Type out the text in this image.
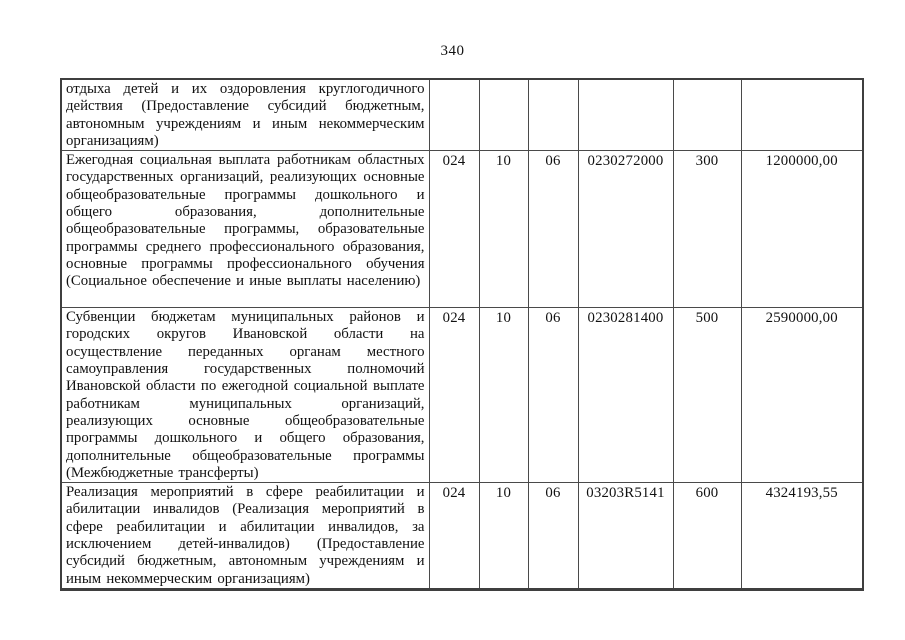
340
отдыха детей и их оздоровления круглогодичного действия (Предоставление субсидий бюджетным, автономным учреждениям и иным некоммерческим организациям)						
Ежегодная социальная выплата работникам областных государственных организаций, реализующих основные общеобразовательные программы дошкольного и общего образования, дополнительные общеобразовательные программы, образовательные программы среднего профессионального образования, основные программы профессионального обучения (Социальное обеспечение и иные выплаты населению)	024	10	06	0230272000	300	1200000,00
Субвенции бюджетам муниципальных районов и городских округов Ивановской области на осуществление переданных органам местного самоуправления государственных полномочий Ивановской области по ежегодной социальной выплате работникам муниципальных организаций, реализующих основные общеобразовательные программы дошкольного и общего образования, дополнительные общеобразовательные программы (Межбюджетные трансферты)	024	10	06	0230281400	500	2590000,00
Реализация мероприятий в сфере реабилитации и абилитации инвалидов (Реализация мероприятий в сфере реабилитации и абилитации инвалидов, за исключением детей-инвалидов) (Предоставление субсидий бюджетным, автономным учреждениям и иным некоммерческим организациям)	024	10	06	03203R5141	600	4324193,55
